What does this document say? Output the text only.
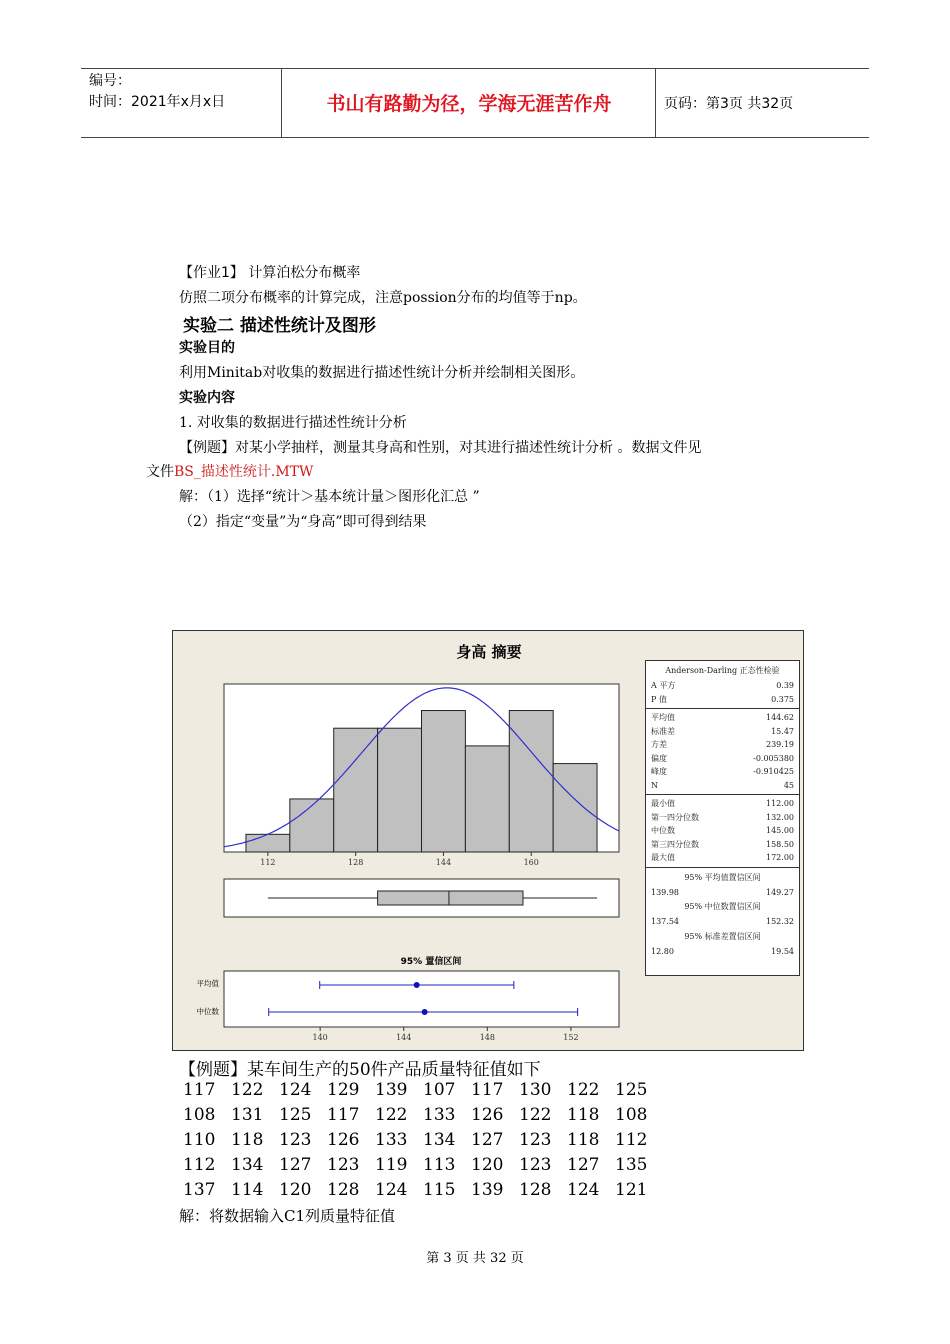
编号：
时间：2021年x月x日	书山有路勤为径，学海无涯苦作舟	页码：第3页 共32页
【作业1】 计算泊松分布概率
仿照二项分布概率的计算完成，注意possion分布的均值等于np。
实验二 描述性统计及图形
实验目的
利用Minitab对收集的数据进行描述性统计分析并绘制相关图形。
实验内容
1. 对收集的数据进行描述性统计分析
【例题】对某小学抽样，测量其身高和性别，对其进行描述性统计分析 。数据文件见
文件BS_描述性统计.MTW
解：（1）选择“统计＞基本统计量＞图形化汇总 ”
（2）指定“变量”为“身高”即可得到结果
身高 摘要
112	128	144	160
95% 置信区间
平均值
中位数
140	144	148	152
Anderson-Darling 正态性检验
A 平方	0.39
P 值	0.375
平均值	144.62
标准差	15.47
方差	239.19
偏度	-0.005380
峰度	-0.910425
N	45
最小值	112.00
第一四分位数	132.00
中位数	145.00
第三四分位数	158.50
最大值	172.00
95% 平均值置信区间
139.98	149.27
95% 中位数置信区间
137.54	152.32
95% 标准差置信区间
12.80	19.54
【例题】某车间生产的50件产品质量特征值如下
117 122 124 129 139 107 117 130 122 125
108 131 125 117 122 133 126 122 118 108
110 118 123 126 133 134 127 123 118 112
112 134 127 123 119 113 120 123 127 135
137 114 120 128 124 115 139 128 124 121
解：将数据输入C1列质量特征值
第 3 页 共 32 页
